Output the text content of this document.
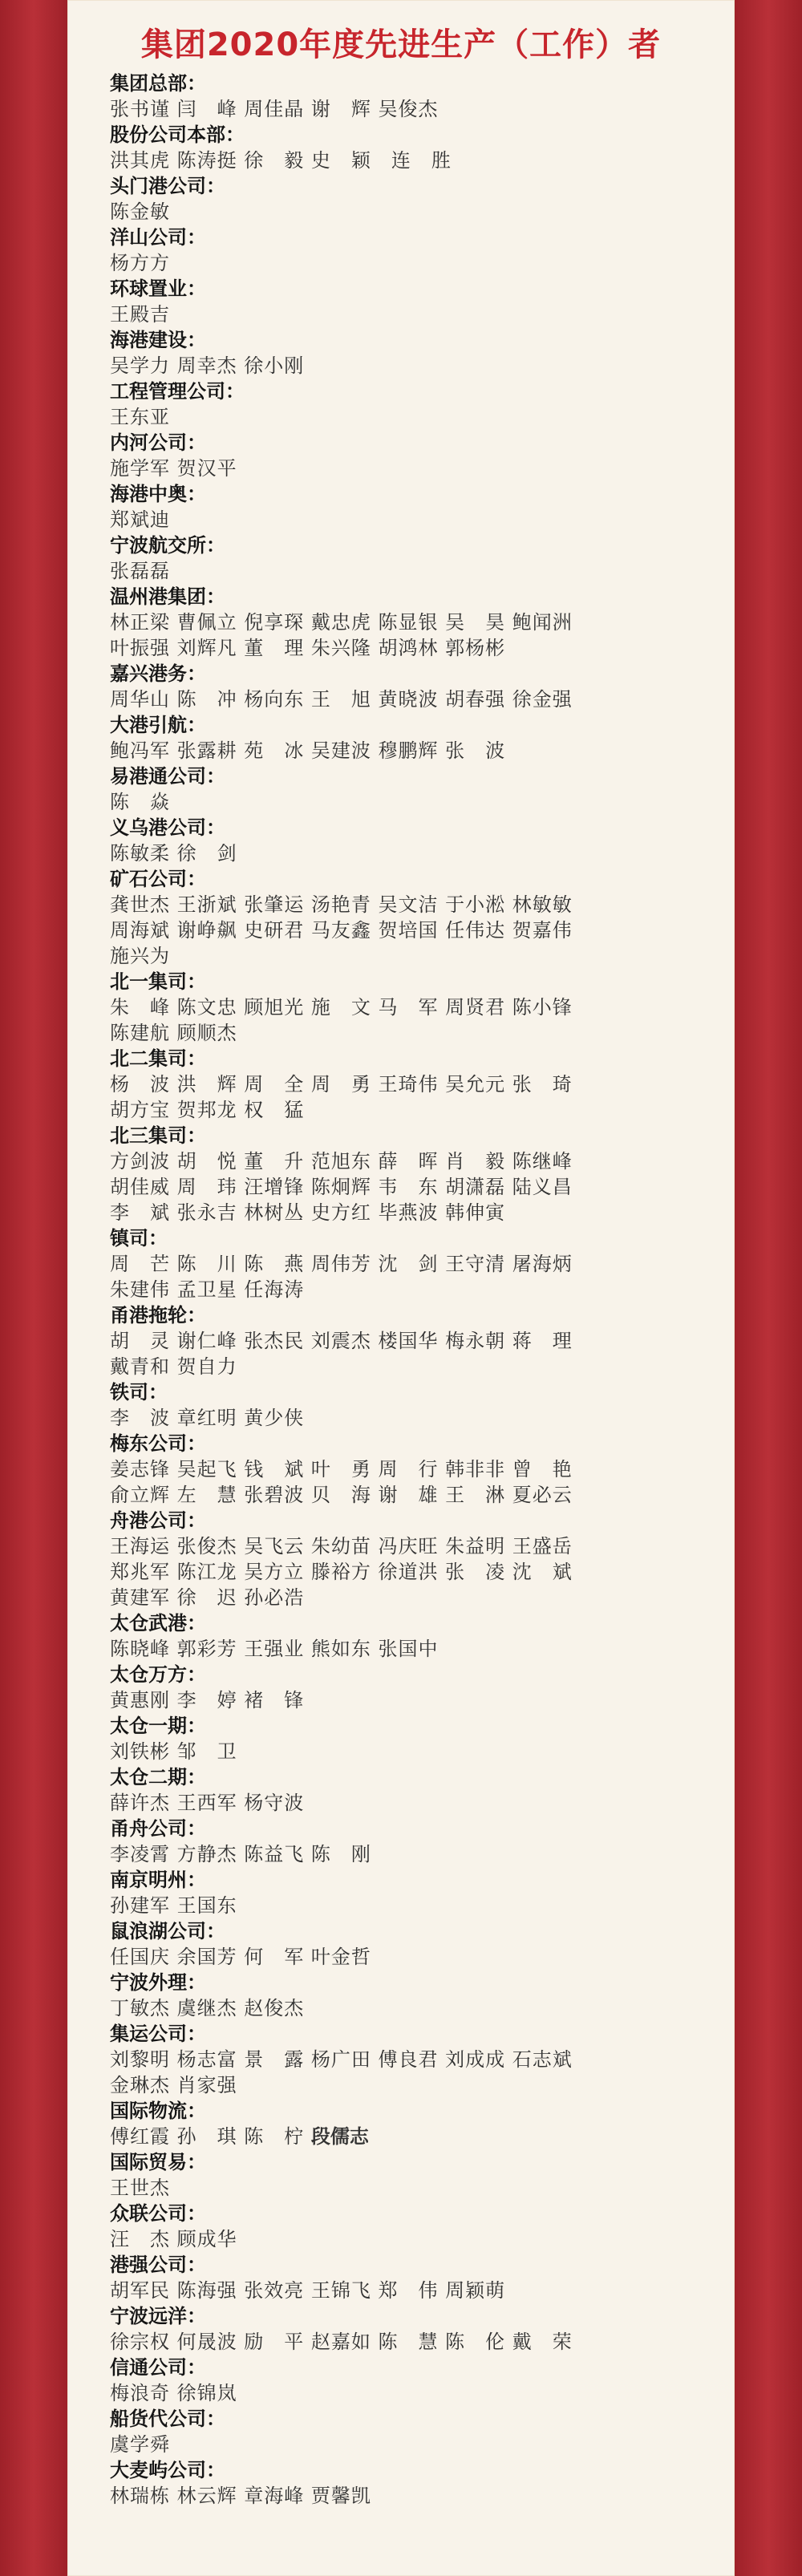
集团2020年度先进生产（工作）者
集团总部：
张书谨 闫　峰 周佳晶 谢　辉 吴俊杰
股份公司本部：
洪其虎 陈涛挺 徐　毅 史　颖　连　胜
头门港公司：
陈金敏
洋山公司：
杨方方
环球置业：
王殿吉
海港建设：
吴学力 周幸杰 徐小刚
工程管理公司：
王东亚
内河公司：
施学军 贺汉平
海港中奥：
郑斌迪
宁波航交所：
张磊磊
温州港集团：
林正梁 曹佩立 倪享琛 戴忠虎 陈显银 吴　昊 鲍闻洲
叶振强 刘辉凡 董　理 朱兴隆 胡鸿林 郭杨彬
嘉兴港务：
周华山 陈　冲 杨向东 王　旭 黄晓波 胡春强 徐金强
大港引航：
鲍冯军 张露耕 苑　冰 吴建波 穆鹏辉 张　波
易港通公司：
陈　焱
义乌港公司：
陈敏柔 徐　剑
矿石公司：
龚世杰 王浙斌 张肇运 汤艳青 吴文洁 于小淞 林敏敏
周海斌 谢峥飙 史研君 马友鑫 贺培国 任伟达 贺嘉伟
施兴为
北一集司：
朱　峰 陈文忠 顾旭光 施　文 马　军 周贤君 陈小锋
陈建航 顾顺杰
北二集司：
杨　波 洪　辉 周　全 周　勇 王琦伟 吴允元 张　琦
胡方宝 贺邦龙 权　猛
北三集司：
方剑波 胡　悦 董　升 范旭东 薛　晖 肖　毅 陈继峰
胡佳威 周　玮 汪增锋 陈炯辉 韦　东 胡潇磊 陆义昌
李　斌 张永吉 林树丛 史方红 毕燕波 韩伸寅
镇司：
周　芒 陈　川 陈　燕 周伟芳 沈　剑 王守清 屠海炳
朱建伟 孟卫星 任海涛
甬港拖轮：
胡　灵 谢仁峰 张杰民 刘震杰 楼国华 梅永朝 蒋　理
戴青和 贺自力
铁司：
李　波 章红明 黄少侠
梅东公司：
姜志锋 吴起飞 钱　斌 叶　勇 周　行 韩非非 曾　艳
俞立辉 左　慧 张碧波 贝　海 谢　雄 王　淋 夏必云
舟港公司：
王海运 张俊杰 吴飞云 朱幼苗 冯庆旺 朱益明 王盛岳
郑兆军 陈江龙 吴方立 滕裕方 徐道洪 张　凌 沈　斌
黄建军 徐　迟 孙必浩
太仓武港：
陈晓峰 郭彩芳 王强业 熊如东 张国中
太仓万方：
黄惠刚 李　婷 褚　锋
太仓一期：
刘铁彬 邹　卫
太仓二期：
薛许杰 王西军 杨守波
甬舟公司：
李凌霄 方静杰 陈益飞 陈　刚
南京明州：
孙建军 王国东
鼠浪湖公司：
任国庆 余国芳 何　军 叶金哲
宁波外理：
丁敏杰 虞继杰 赵俊杰
集运公司：
刘黎明 杨志富 景　露 杨广田 傅良君 刘成成 石志斌
金琳杰 肖家强
国际物流：
傅红霞 孙　琪 陈　柠 段儒志
国际贸易：
王世杰
众联公司：
汪　杰 顾成华
港强公司：
胡军民 陈海强 张效亮 王锦飞 郑　伟 周颖萌
宁波远洋：
徐宗权 何晟波 励　平 赵嘉如 陈　慧 陈　伦 戴　荣
信通公司：
梅浪奇 徐锦岚
船货代公司：
虞学舜
大麦屿公司：
林瑞栋 林云辉 章海峰 贾馨凯
